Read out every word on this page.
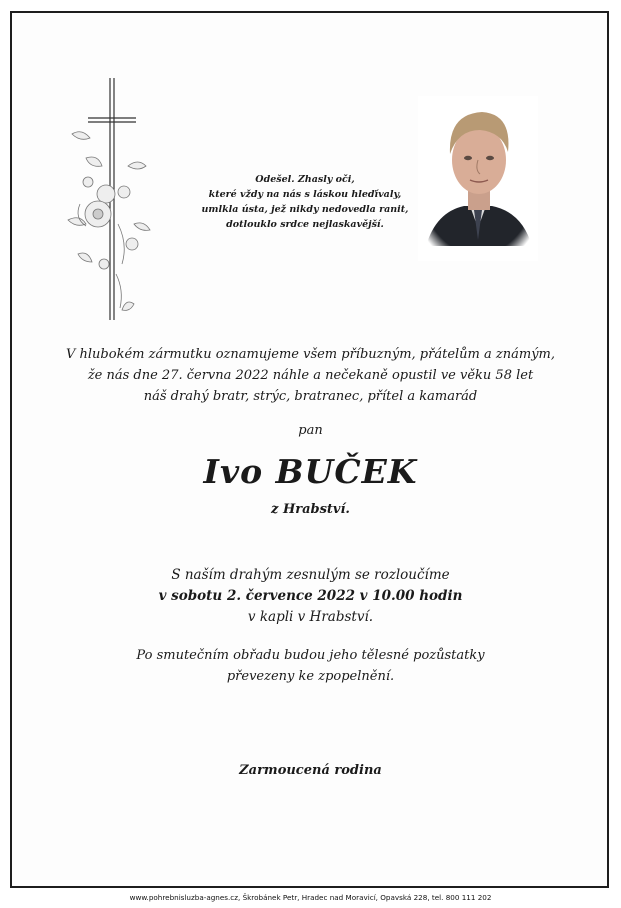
Odešel. Zhasly oči,
které vždy na nás s láskou hleďívaly,
umlkla ústa, jež nikdy nedovedla ranit,
dotlouklo srdce nejlaskavější.
V hlubokém zármutku oznamujeme všem příbuzným, přátelům a známým,
že nás dne 27. června 2022 náhle a nečekaně opustil ve věku 58 let
náš drahý bratr, strýc, bratranec, přítel a kamarád
pan
Ivo BUČEK
z Hrabství.
S naším drahým zesnulým se rozloučíme
v sobotu 2. července 2022 v 10.00 hodin
v kapli v Hrabství.
Po smutečním obřadu budou jeho tělesné pozůstatky
převezeny ke zpopelnění.
Zarmoucená rodina
www.pohrebnisluzba-agnes.cz, Škrobánek Petr, Hradec nad Moravicí, Opavská 228, tel. 800 111 202
